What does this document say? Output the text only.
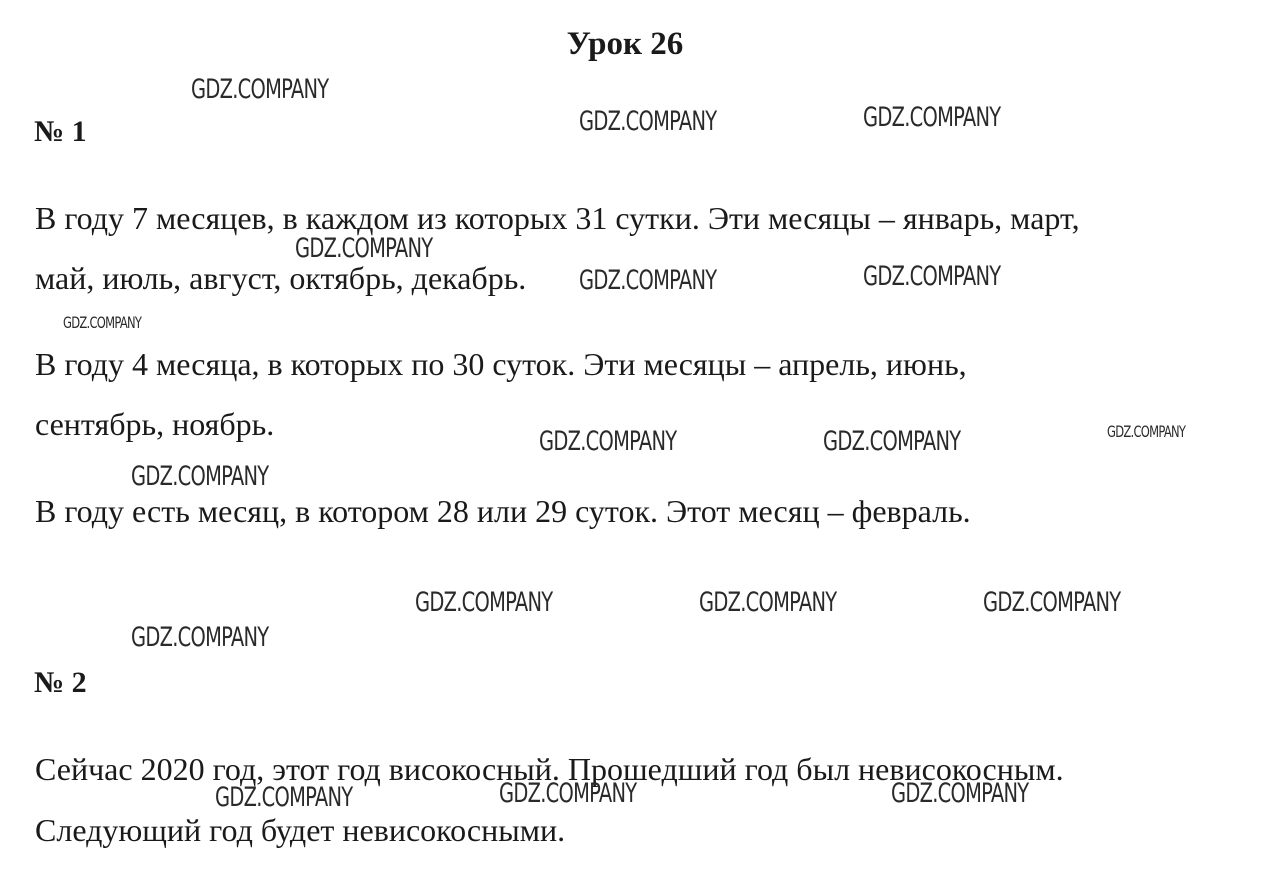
Урок 26
№ 1
В году 7 месяцев, в каждом из которых 31 сутки. Эти месяцы – январь, март,
май, июль, август, октябрь, декабрь.
В году 4 месяца, в которых по 30 суток. Эти месяцы – апрель, июнь,
сентябрь, ноябрь.
В году есть месяц, в котором 28 или 29 суток. Этот месяц – февраль.
№ 2
Сейчас 2020 год, этот год високосный. Прошедший год был невисокосным.
Следующий год будет невисокосными.
GDZ.COMPANY
GDZ.COMPANY	GDZ.COMPANY
GDZ.COMPANY
GDZ.COMPANY	GDZ.COMPANY
GDZ.COMPANY
GDZ.COMPANY	GDZ.COMPANY	GDZ.COMPANY
GDZ.COMPANY
GDZ.COMPANY	GDZ.COMPANY	GDZ.COMPANY
GDZ.COMPANY
GDZ.COMPANY	GDZ.COMPANY	GDZ.COMPANY
